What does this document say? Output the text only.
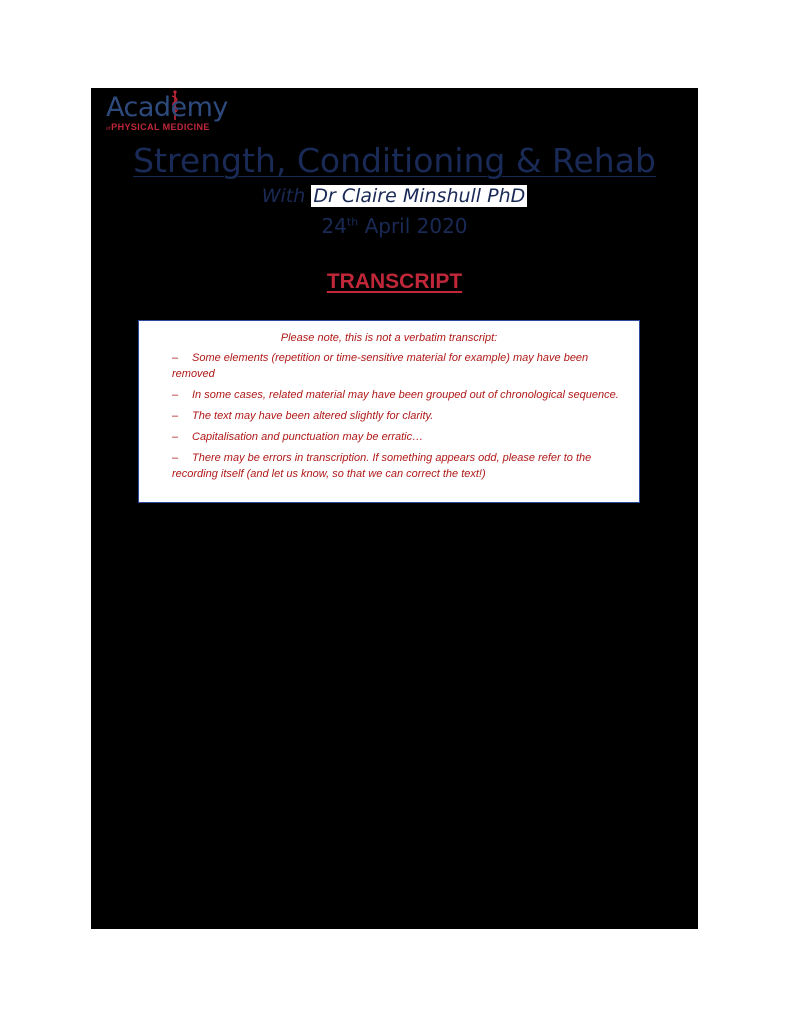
Academy
ofPHYSICAL MEDICINE
Strength, Conditioning & Rehab
With Dr Claire Minshull PhD
24th April 2020
TRANSCRIPT
Please note, this is not a verbatim transcript:
– Some elements (repetition or time-sensitive material for example) may have been removed
– In some cases, related material may have been grouped out of chronological sequence.
– The text may have been altered slightly for clarity.
– Capitalisation and punctuation may be erratic…
– There may be errors in transcription. If something appears odd, please refer to the recording itself (and let us know, so that we can correct the text!)
